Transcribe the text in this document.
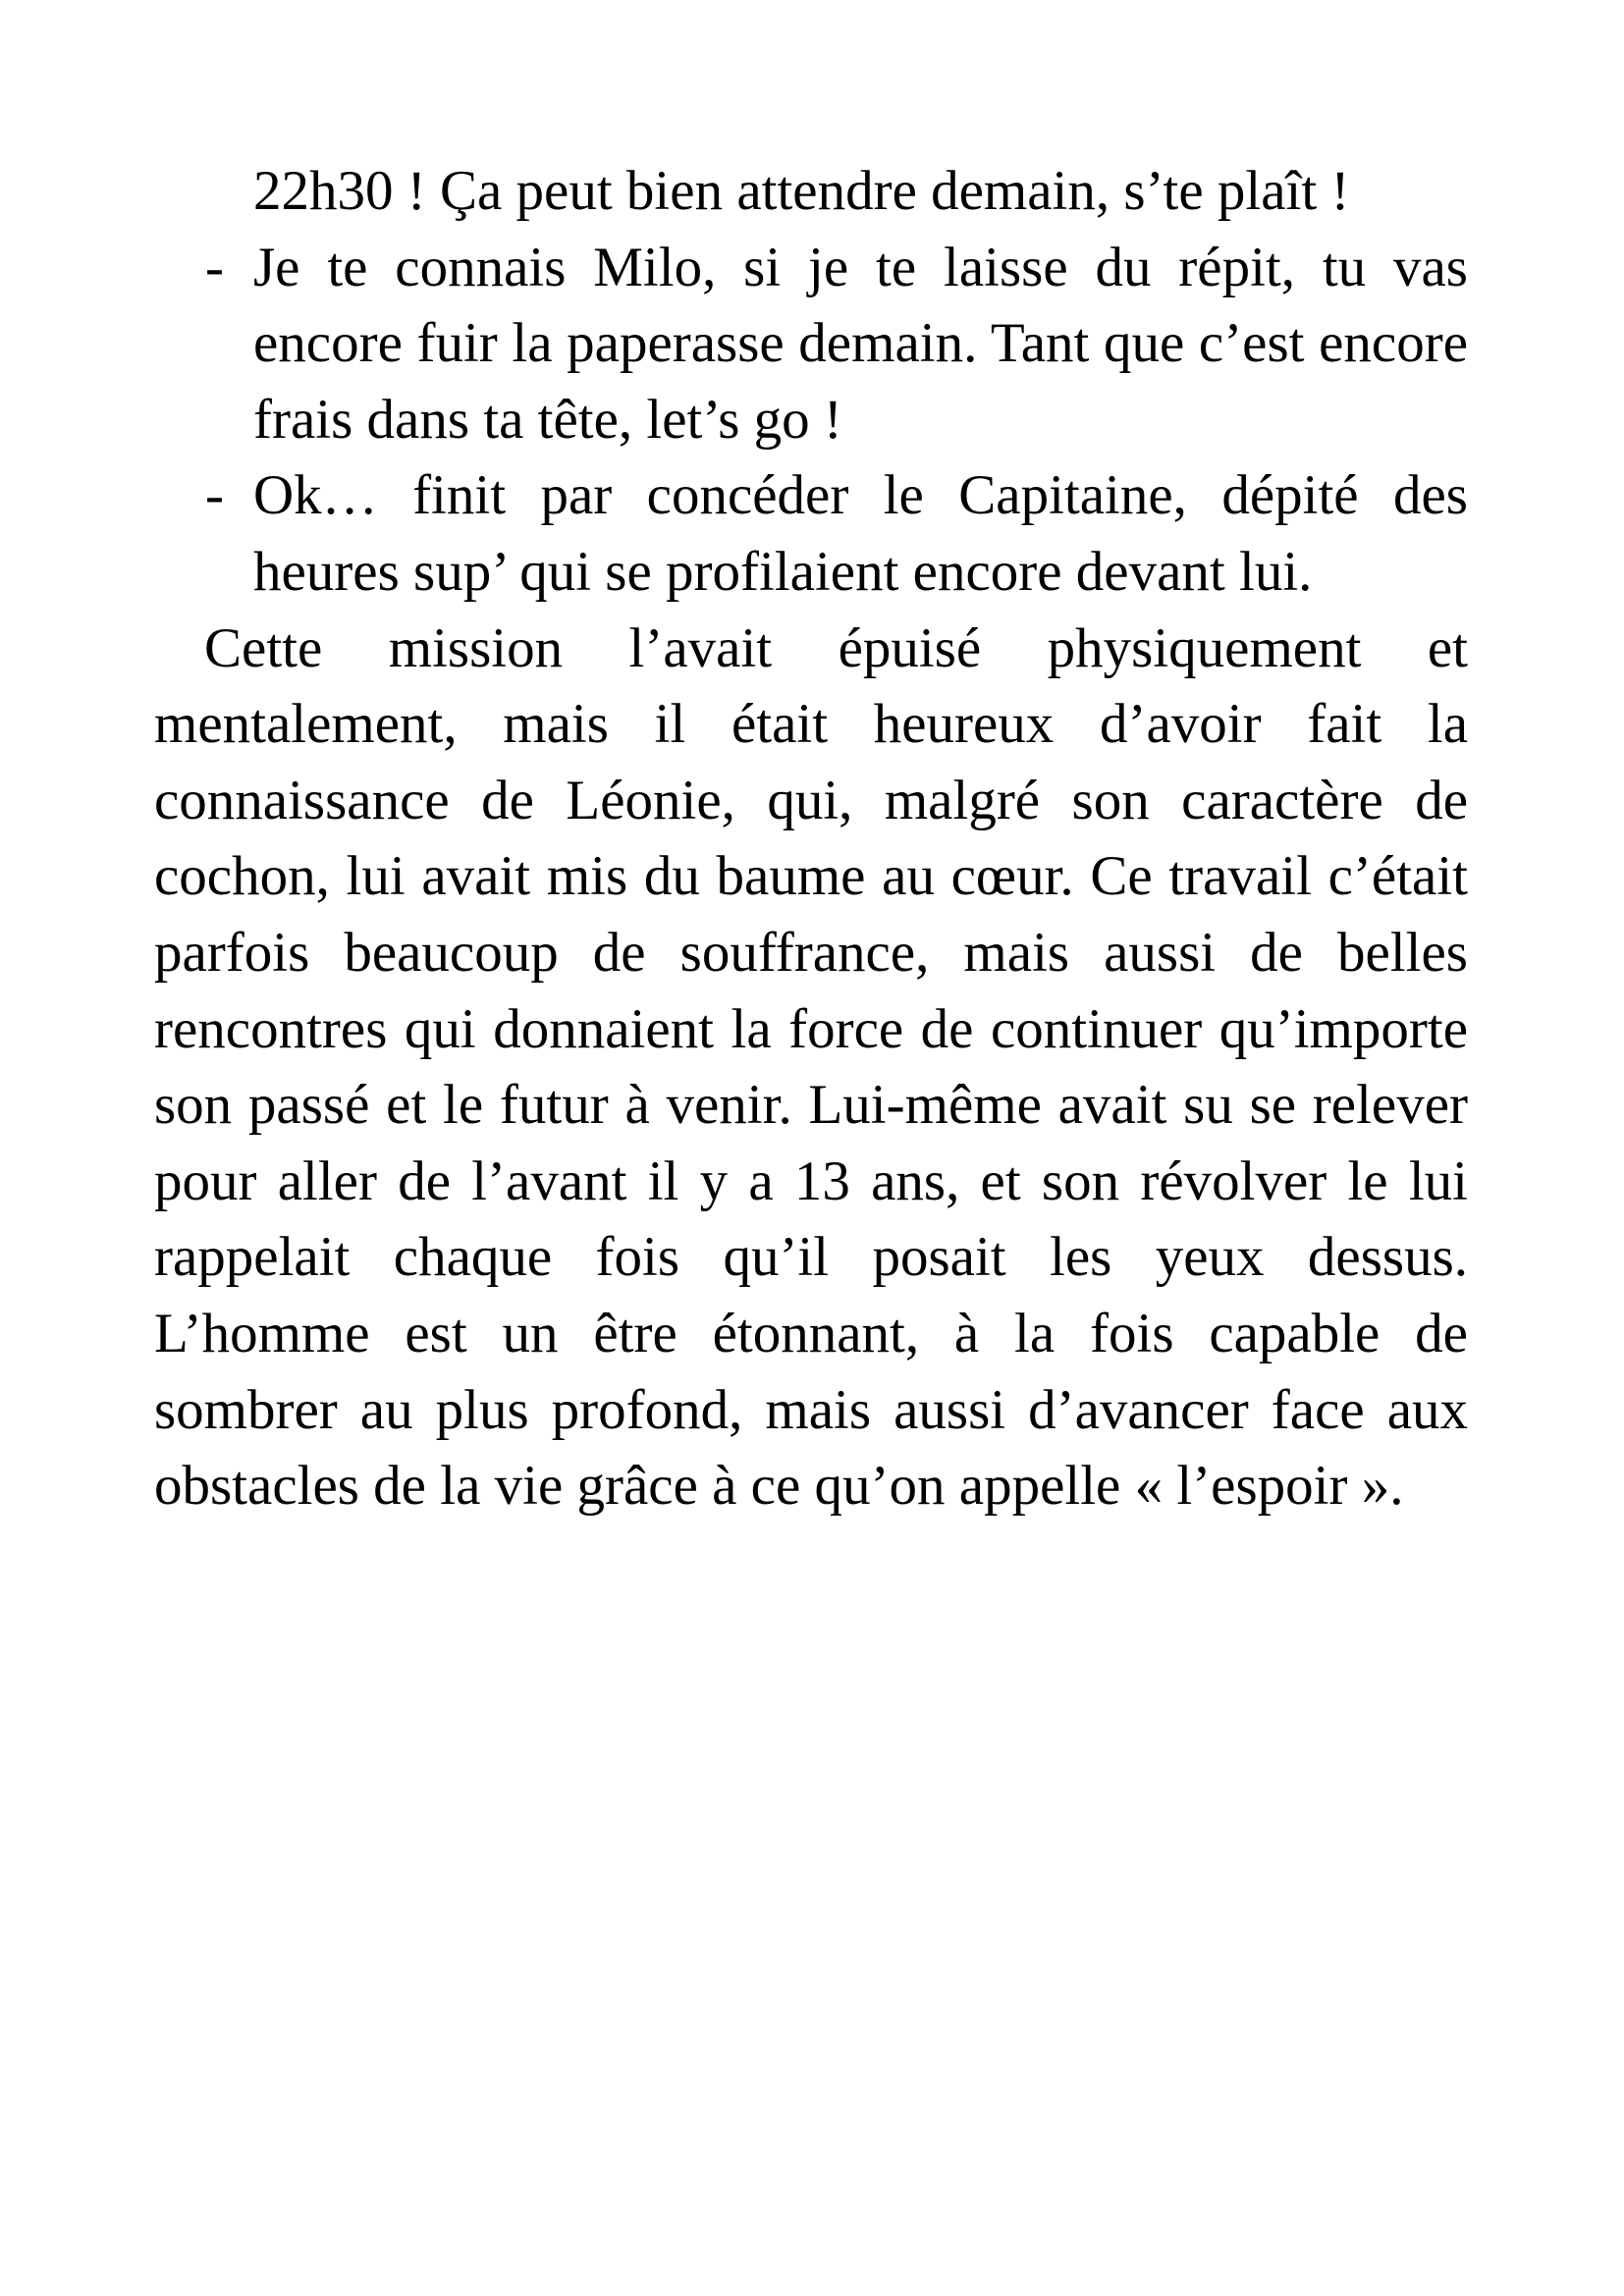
22h30 ! Ça peut bien attendre demain, s’te plaît !

- Je te connais Milo, si je te laisse du répit, tu vas encore fuir la paperasse demain. Tant que c’est encore frais dans ta tête, let’s go !

- Ok… finit par concéder le Capitaine, dépité des heures sup’ qui se profilaient encore devant lui.

Cette mission l’avait épuisé physiquement et mentalement, mais il était heureux d’avoir fait la connaissance de Léonie, qui, malgré son caractère de cochon, lui avait mis du baume au cœur. Ce travail c’était parfois beaucoup de souffrance, mais aussi de belles rencontres qui donnaient la force de continuer qu’importe son passé et le futur à venir. Lui-même avait su se relever pour aller de l’avant il y a 13 ans, et son révolver le lui rappelait chaque fois qu’il posait les yeux dessus. L’homme est un être étonnant, à la fois capable de sombrer au plus profond, mais aussi d’avancer face aux obstacles de la vie grâce à ce qu’on appelle « l’espoir ».
